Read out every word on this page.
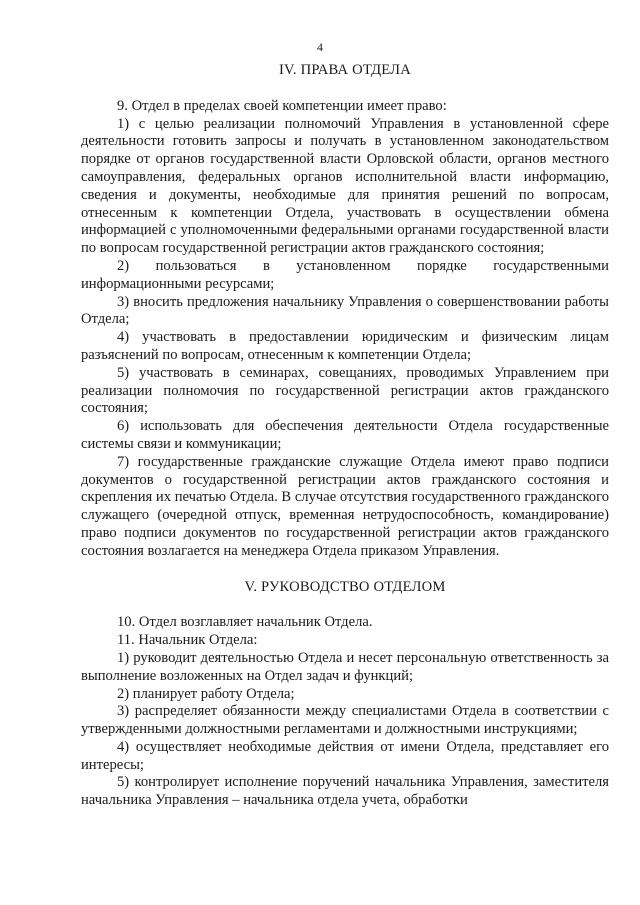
4
IV. ПРАВА ОТДЕЛА

9. Отдел в пределах своей компетенции имеет право:

1) с целью реализации полномочий Управления в установленной сфере деятельности готовить запросы и получать в установленном законодательством порядке от органов государственной власти Орловской области, органов местного самоуправления, федеральных органов исполнительной власти информацию, сведения и документы, необходимые для принятия решений по вопросам, отнесенным к компетенции Отдела, участвовать в осуществлении обмена информацией с уполномоченными федеральными органами государственной власти по вопросам государственной регистрации актов гражданского состояния;

2) пользоваться в установленном порядке государственными информационными ресурсами;

3) вносить предложения начальнику Управления о совершенствовании работы Отдела;

4) участвовать в предоставлении юридическим и физическим лицам разъяснений по вопросам, отнесенным к компетенции Отдела;

5) участвовать в семинарах, совещаниях, проводимых Управлением при реализации полномочия по государственной регистрации актов гражданского состояния;

6) использовать для обеспечения деятельности Отдела государственные системы связи и коммуникации;

7) государственные гражданские служащие Отдела имеют право подписи документов о государственной регистрации актов гражданского состояния и скрепления их печатью Отдела. В случае отсутствия государственного гражданского служащего (очередной отпуск, временная нетрудоспособность, командирование) право подписи документов по государственной регистрации актов гражданского состояния возлагается на менеджера Отдела приказом Управления.

V. РУКОВОДСТВО ОТДЕЛОМ

10. Отдел возглавляет начальник Отдела.

11. Начальник Отдела:

1) руководит деятельностью Отдела и несет персональную ответственность за выполнение возложенных на Отдел задач и функций;

2) планирует работу Отдела;

3) распределяет обязанности между специалистами Отдела в соответствии с утвержденными должностными регламентами и должностными инструкциями;

4) осуществляет необходимые действия от имени Отдела, представляет его интересы;

5) контролирует исполнение поручений начальника Управления, заместителя начальника Управления – начальника отдела учета, обработки
